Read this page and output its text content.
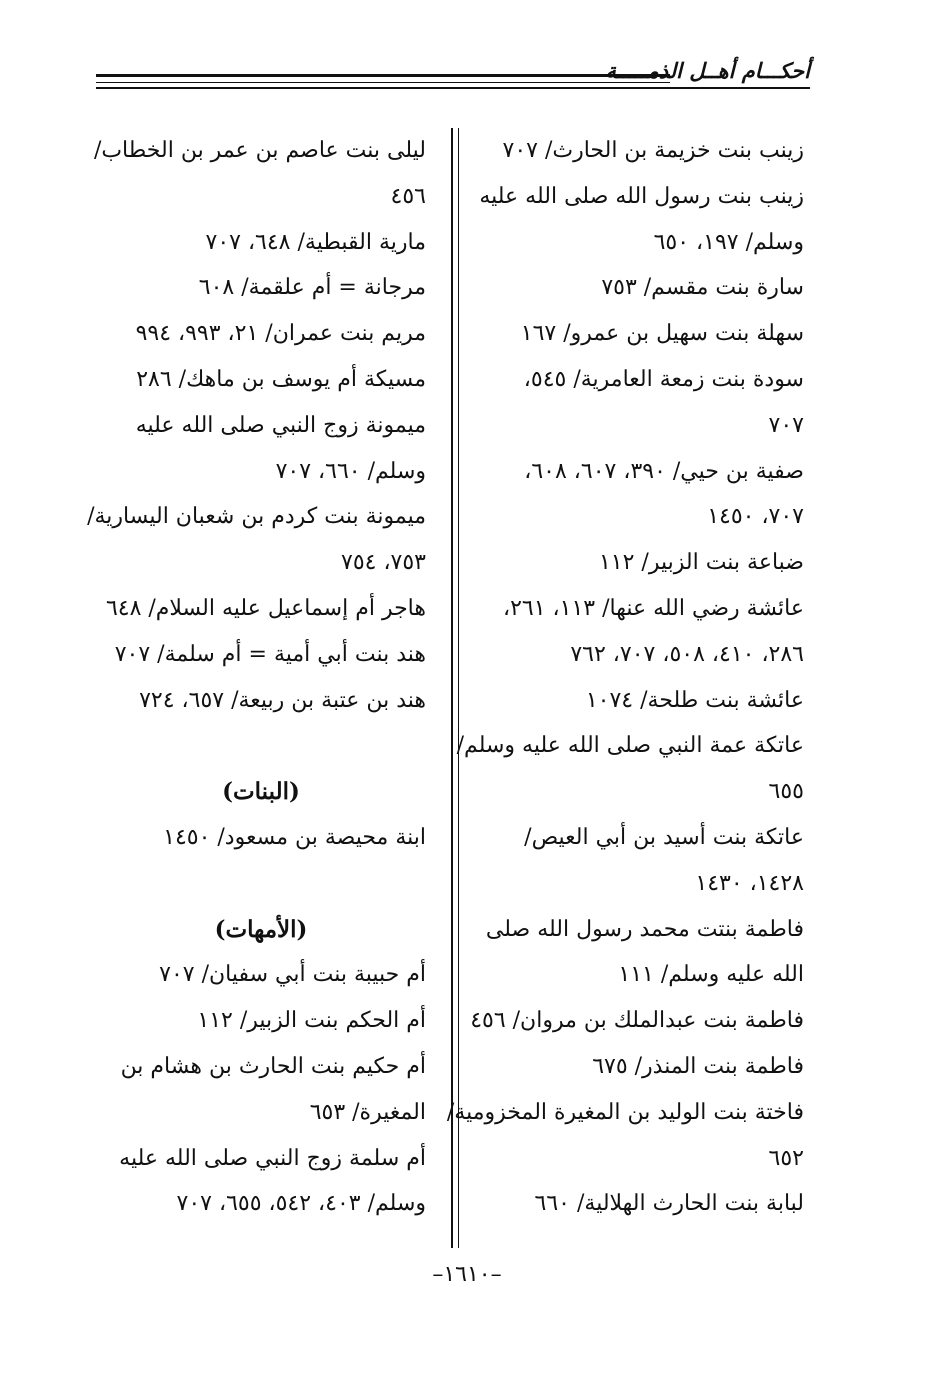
أحكـــام أهــل الذمـــــة
زينب بنت خزيمة بن الحارث/ ٧٠٧
زينب بنت رسول الله صلى الله عليه
وسلم/ ١٩٧، ٦٥٠
سارة بنت مقسم/ ٧٥٣
سهلة بنت سهيل بن عمرو/ ١٦٧
سودة بنت زمعة العامرية/ ٥٤٥،
٧٠٧
صفية بن حيي/ ٣٩٠، ٦٠٧، ٦٠٨،
٧٠٧، ١٤٥٠
ضباعة بنت الزبير/ ١١٢
عائشة رضي الله عنها/ ١١٣، ٢٦١،
٢٨٦، ٤١٠، ٥٠٨، ٧٠٧، ٧٦٢
عائشة بنت طلحة/ ١٠٧٤
عاتكة عمة النبي صلى الله عليه وسلم/
٦٥٥
عاتكة بنت أسيد بن أبي العيص/
١٤٢٨، ١٤٣٠
فاطمة بنتت محمد رسول الله صلى
الله عليه وسلم/ ١١١
فاطمة بنت عبدالملك بن مروان/ ٤٥٦
فاطمة بنت المنذر/ ٦٧٥
فاختة بنت الوليد بن المغيرة المخزومية/
٦٥٢
لبابة بنت الحارث الهلالية/ ٦٦٠
ليلى بنت عاصم بن عمر بن الخطاب/
٤٥٦
مارية القبطية/ ٦٤٨، ٧٠٧
مرجانة = أم علقمة/ ٦٠٨
مريم بنت عمران/ ٢١، ٩٩٣، ٩٩٤
مسيكة أم يوسف بن ماهك/ ٢٨٦
ميمونة زوج النبي صلى الله عليه
وسلم/ ٦٦٠، ٧٠٧
ميمونة بنت كردم بن شعبان اليسارية/
٧٥٣، ٧٥٤
هاجر أم إسماعيل عليه السلام/ ٦٤٨
هند بنت أبي أمية = أم سلمة/ ٧٠٧
هند بن عتبة بن ربيعة/ ٦٥٧، ٧٢٤
(البنات)
ابنة محيصة بن مسعود/ ١٤٥٠
(الأمهات)
أم حبيبة بنت أبي سفيان/ ٧٠٧
أم الحكم بنت الزبير/ ١١٢
أم حكيم بنت الحارث بن هشام بن
المغيرة/ ٦٥٣
أم سلمة زوج النبي صلى الله عليه
وسلم/ ٤٠٣، ٥٤٢، ٦٥٥، ٧٠٧
–١٦١٠–
